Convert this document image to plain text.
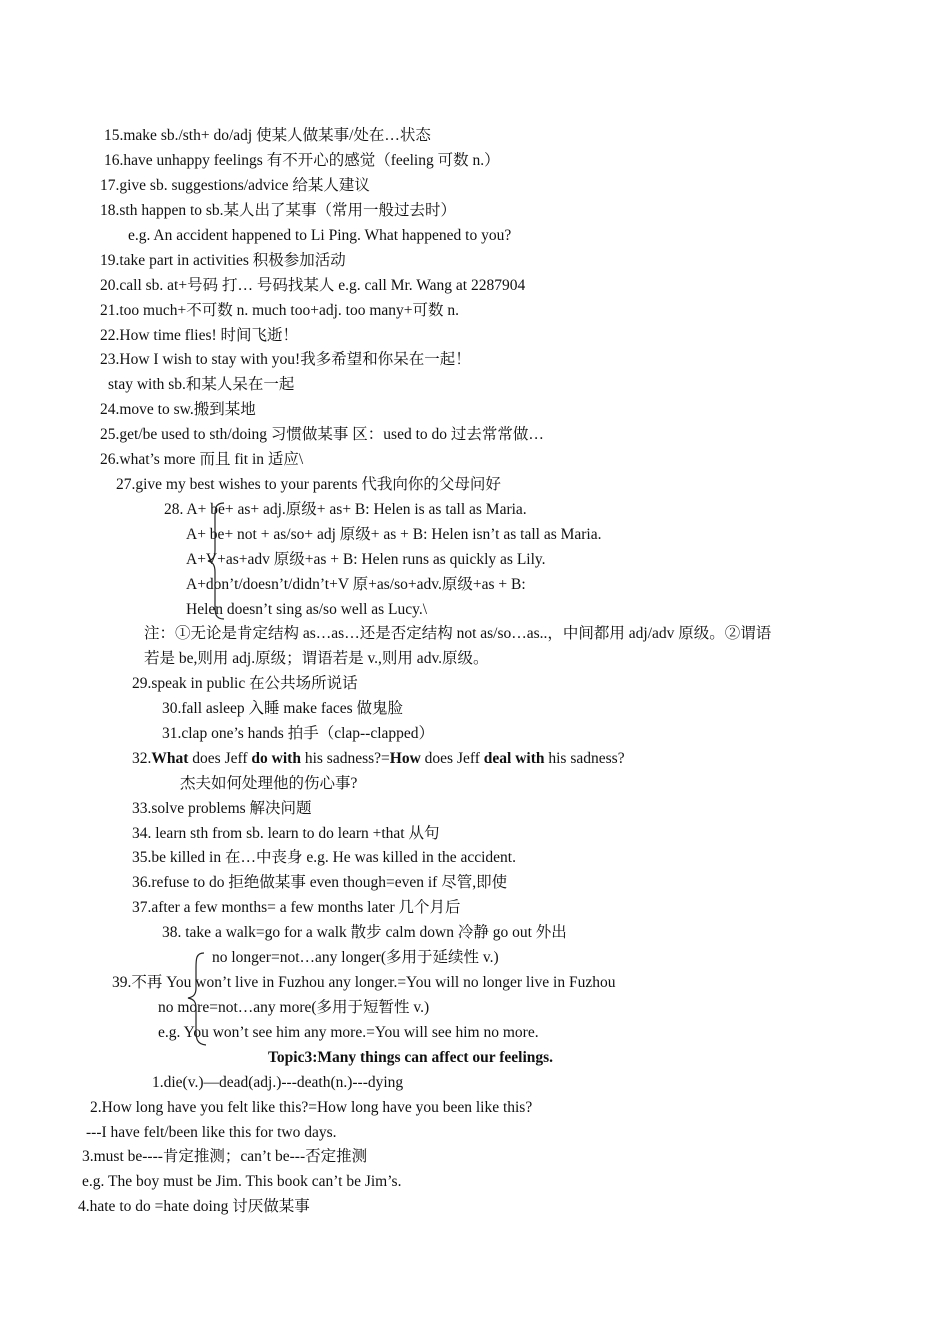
15.make sb./sth+ do/adj 使某人做某事/处在…状态
16.have unhappy feelings 有不开心的感觉（feeling 可数 n.）
17.give sb. suggestions/advice 给某人建议
18.sth happen to sb.某人出了某事（常用一般过去时）
e.g. An accident happened to Li Ping. What happened to you?
19.take part in activities 积极参加活动
20.call sb. at+号码 打… 号码找某人 e.g. call Mr. Wang at 2287904
21.too much+不可数 n. much too+adj. too many+可数 n.
22.How time flies! 时间飞逝！
23.How I wish to stay with you!我多希望和你呆在一起！
stay with sb.和某人呆在一起
24.move to sw.搬到某地
25.get/be used to sth/doing 习惯做某事 区：used to do 过去常常做…
26.what’s more 而且 fit in 适应\
27.give my best wishes to your parents 代我向你的父母问好
28. A+ be+ as+ adj.原级+ as+ B: Helen is as tall as Maria.
A+ be+ not + as/so+ adj 原级+ as + B: Helen isn’t as tall as Maria.
A+V+as+adv 原级+as + B: Helen runs as quickly as Lily.
A+don’t/doesn’t/didn’t+V 原+as/so+adv.原级+as + B:
Helen doesn’t sing as/so well as Lucy.\
注：①无论是肯定结构 as…as…还是否定结构 not as/so…as..，中间都用 adj/adv 原级。②谓语
若是 be,则用 adj.原级；谓语若是 v.,则用 adv.原级。
29.speak in public 在公共场所说话
30.fall asleep 入睡 make faces 做鬼脸
31.clap one’s hands 拍手（clap--clapped）
32.What does Jeff do with his sadness?=How does Jeff deal with his sadness?
杰夫如何处理他的伤心事?
33.solve problems 解决问题
34. learn sth from sb. learn to do learn +that 从句
35.be killed in 在…中丧身 e.g. He was killed in the accident.
36.refuse to do 拒绝做某事 even though=even if 尽管,即使
37.after a few months= a few months later 几个月后
38. take a walk=go for a walk 散步 calm down 冷静 go out 外出
no longer=not…any longer(多用于延续性 v.)
39.不再 You won’t live in Fuzhou any longer.=You will no longer live in Fuzhou
no more=not…any more(多用于短暂性 v.)
e.g. You won’t see him any more.=You will see him no more.
Topic3:Many things can affect our feelings.
1.die(v.)—dead(adj.)---death(n.)---dying
2.How long have you felt like this?=How long have you been like this?
---I have felt/been like this for two days.
3.must be----肯定推测；can’t be---否定推测
e.g. The boy must be Jim. This book can’t be Jim’s.
4.hate to do =hate doing 讨厌做某事
